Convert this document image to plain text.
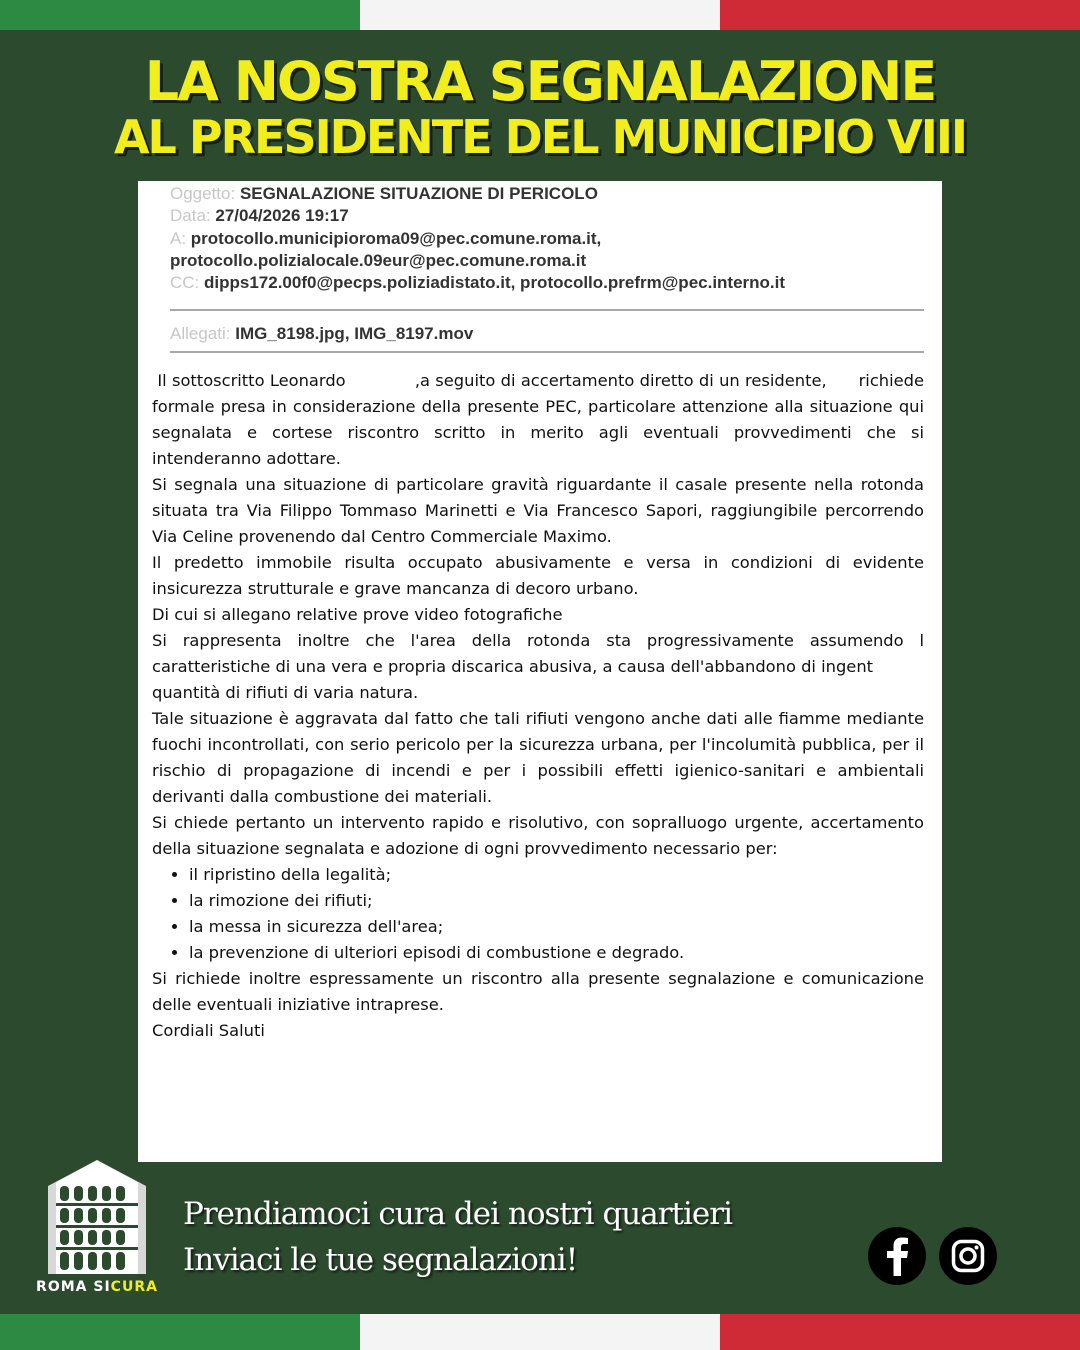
LA NOSTRA SEGNALAZIONE
AL PRESIDENTE DEL MUNICIPIO VIII
Oggetto: SEGNALAZIONE SITUAZIONE DI PERICOLO
Data: 27/04/2026 19:17
A: protocollo.municipioroma09@pec.comune.roma.it,
protocollo.polizialocale.09eur@pec.comune.roma.it
CC: dipps172.00f0@pecps.poliziadistato.it, protocollo.prefrm@pec.interno.it
Allegati: IMG_8198.jpg, IMG_8197.mov

Il sottoscritto Leonardo             ,a seguito di accertamento diretto di un residente,      richiede formale presa in considerazione della presente PEC, particolare attenzione alla situazione qui segnalata e cortese riscontro scritto in merito agli eventuali provvedimenti che si intenderanno adottare.

Si segnala una situazione di particolare gravità riguardante il casale presente nella rotonda situata tra Via Filippo Tommaso Marinetti e Via Francesco Sapori, raggiungibile percorrendo Via Celine provenendo dal Centro Commerciale Maximo.

Il predetto immobile risulta occupato abusivamente e versa in condizioni di evidente insicurezza strutturale e grave mancanza di decoro urbano.

Di cui si allegano relative prove video fotografiche

Si rappresenta inoltre che l'area della rotonda sta progressivamente assumendo l caratteristiche di una vera e propria discarica abusiva, a causa dell'abbandono di ingent

quantità di rifiuti di varia natura.

Tale situazione è aggravata dal fatto che tali rifiuti vengono anche dati alle fiamme mediante fuochi incontrollati, con serio pericolo per la sicurezza urbana, per l'incolumità pubblica, per il rischio di propagazione di incendi e per i possibili effetti igienico-sanitari e ambientali derivanti dalla combustione dei materiali.

Si chiede pertanto un intervento rapido e risolutivo, con sopralluogo urgente, accertamento della situazione segnalata e adozione di ogni provvedimento necessario per:

• il ripristino della legalità;
• la rimozione dei rifiuti;
• la messa in sicurezza dell'area;
• la prevenzione di ulteriori episodi di combustione e degrado.

Si richiede inoltre espressamente un riscontro alla presente segnalazione e comunicazione delle eventuali iniziative intraprese.

Cordiali Saluti

ROMA SICURA
Prendiamoci cura dei nostri quartieri
Inviaci le tue segnalazioni!
